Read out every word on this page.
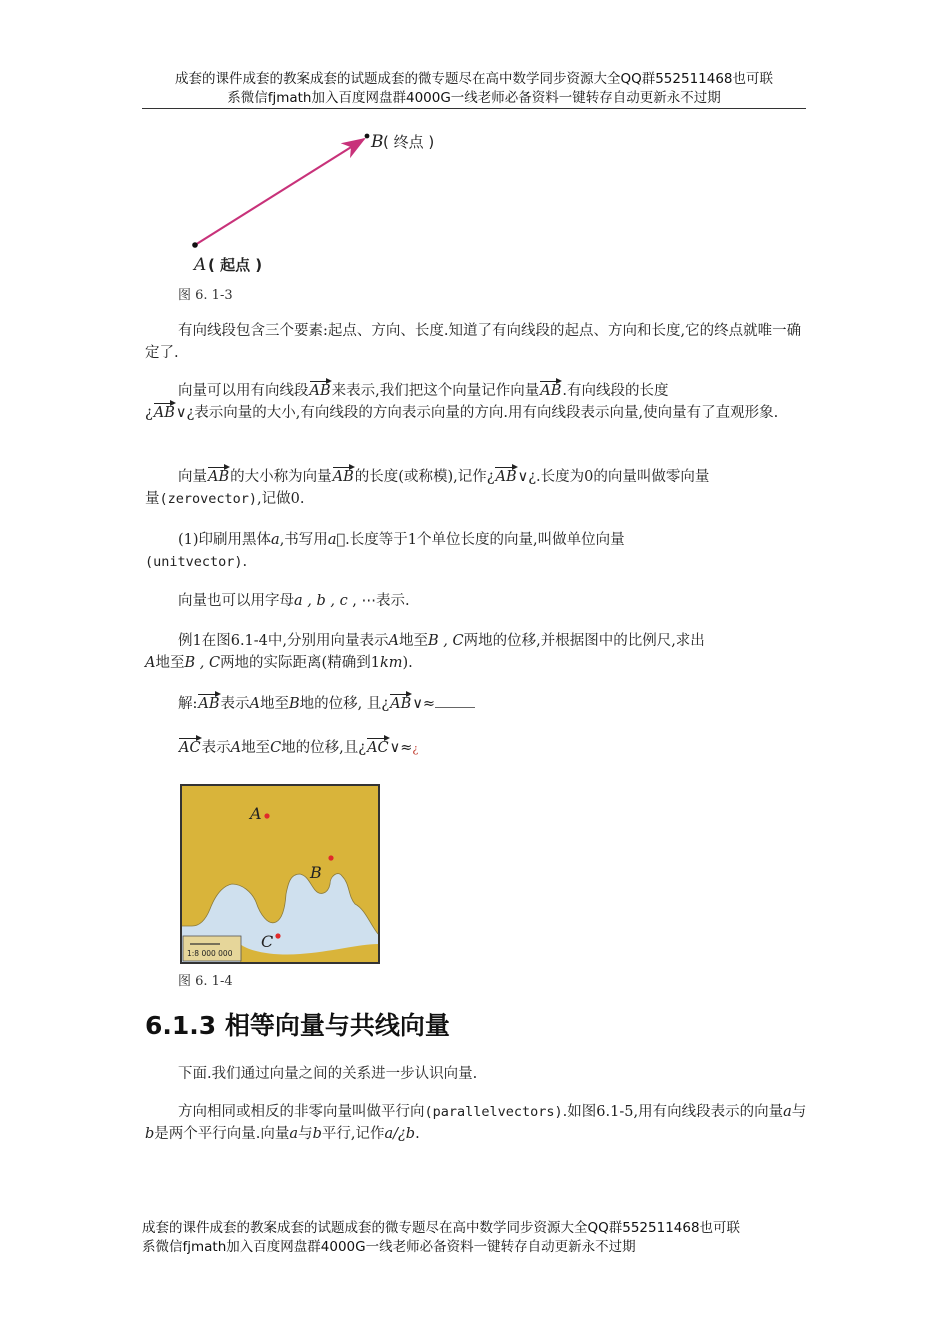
成套的课件成套的教案成套的试题成套的微专题尽在高中数学同步资源大全QQ群552511468也可联
系微信fjmath加入百度网盘群4000G一线老师必备资料一键转存自动更新永不过期
B ( 终点 )
A ( 起点 )
图 6. 1-3
有向线段包含三个要素:起点、方向、长度.知道了有向线段的起点、方向和长度,它的终点就唯一确定了.
向量可以用有向线段AB来表示,我们把这个向量记作向量AB.有向线段的长度
¿AB∨¿表示向量的大小,有向线段的方向表示向量的方向.用有向线段表示向量,使向量有了直观形象.
向量AB的大小称为向量AB的长度(或称模),记作¿AB∨¿.长度为0的向量叫做零向量
量(zerovector),记做0.
(1)印刷用黑体a,书写用a⃗.长度等于1个单位长度的向量,叫做单位向量
(unitvector).
向量也可以用字母a , b , c , ⋯表示.
例1在图6.1-4中,分别用向量表示A地至B , C两地的位移,并根据图中的比例尺,求出
A地至B , C两地的实际距离(精确到1km).
解:AB表示A地至B地的位移, 且¿AB∨≈
AC表示A地至C地的位移,且¿AC∨≈¿
1:8 000 000
A
B
C
图 6. 1-4
6.1.3 相等向量与共线向量
下面.我们通过向量之间的关系进一步认识向量.
方向相同或相反的非零向量叫做平行向(parallelvectors).如图6.1-5,用有向线段表示的向量a与b是两个平行向量.向量a与b平行,记作a/¿b.
成套的课件成套的教案成套的试题成套的微专题尽在高中数学同步资源大全QQ群552511468也可联
系微信fjmath加入百度网盘群4000G一线老师必备资料一键转存自动更新永不过期
